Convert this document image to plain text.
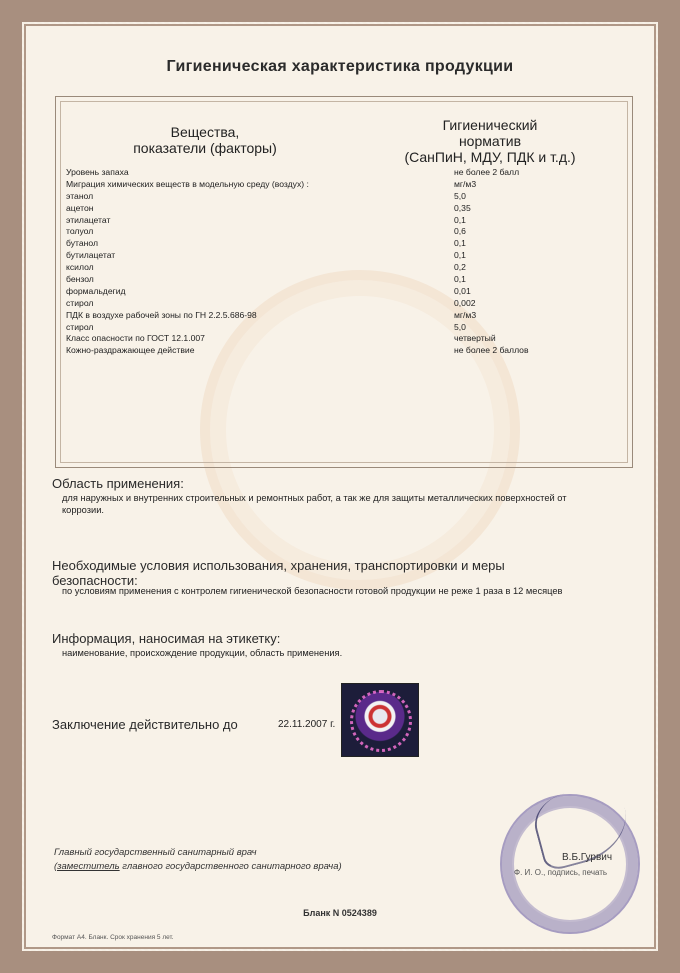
Гигиеническая характеристика продукции
Вещества,
показатели (факторы)
Гигиенический
норматив
(СанПиН, МДУ, ПДК и т.д.)
Уровень запаха	не более 2 балл
Миграция химических веществ в модельную среду (воздух) :	мг/м3
этанол	5,0
ацетон	0,35
этилацетат	0,1
толуол	0,6
бутанол	0,1
бутилацетат	0,1
ксилол	0,2
бензол	0,1
формальдегид	0,01
стирол	0,002
ПДК в воздухе рабочей зоны по ГН 2.2.5.686-98	мг/м3
стирол	5,0
Класс опасности по ГОСТ 12.1.007	четвертый
Кожно-раздражающее действие	не более 2 баллов
Область применения:
для наружных и внутренних строительных и ремонтных работ, а так же для защиты металлических поверхностей от коррозии.
Необходимые условия использования, хранения, транспортировки и меры безопасности:
по условиям применения с контролем гигиенической безопасности готовой продукции не реже 1 раза в 12 месяцев
Информация, наносимая на этикетку:
наименование, происхождение продукции, область применения.
Заключение действительно до	22.11.2007 г.
Главный государственный санитарный врач
(заместитель главного государственного санитарного врача)
В.Б.Гурвич
Ф. И. О., подпись, печать
Бланк N 0524389
Формат А4. Бланк. Срок хранения 5 лет.
